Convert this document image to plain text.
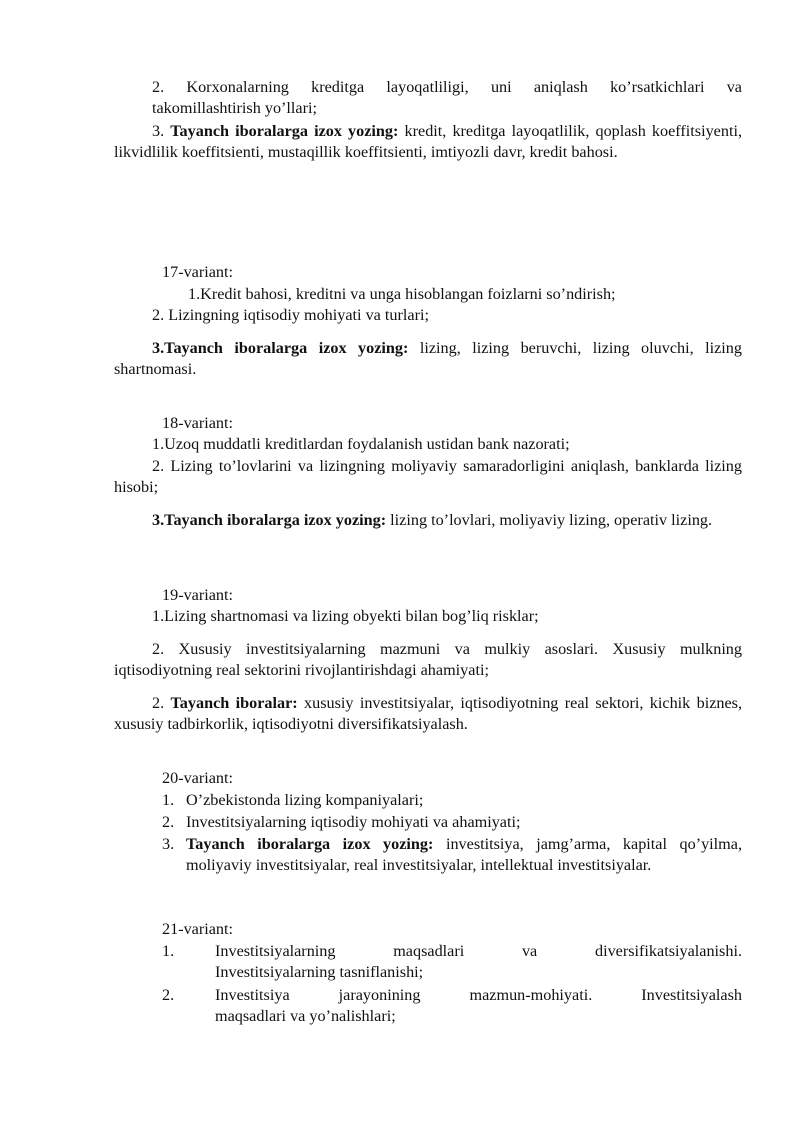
2. Korxonalarning kreditga layoqatliligi, uni aniqlash ko’rsatkichlari va
takomillashtirish yo’llari;
3. Tayanch iboralarga izox yozing: kredit, kreditga layoqatlilik, qoplash koeffitsiyenti, likvidlilik koeffitsienti, mustaqillik koeffitsienti, imtiyozli davr, kredit bahosi.
17-variant:
1.Kredit bahosi, kreditni va unga hisoblangan foizlarni so’ndirish;
2. Lizingning iqtisodiy mohiyati va turlari;
3.Tayanch iboralarga izox yozing: lizing, lizing beruvchi, lizing oluvchi, lizing shartnomasi.
18-variant:
1.Uzoq muddatli kreditlardan foydalanish ustidan bank nazorati;
2. Lizing to’lovlarini va lizingning moliyaviy samaradorligini aniqlash, banklarda lizing hisobi;
3.Tayanch iboralarga izox yozing: lizing to’lovlari, moliyaviy lizing, operativ lizing.
19-variant:
1.Lizing shartnomasi va lizing obyekti bilan bog’liq risklar;
2. Xususiy investitsiyalarning mazmuni va mulkiy asoslari. Xususiy mulkning iqtisodiyotning real sektorini rivojlantirishdagi ahamiyati;
2. Tayanch iboralar: xususiy investitsiyalar, iqtisodiyotning real sektori, kichik biznes, xususiy tadbirkorlik, iqtisodiyotni diversifikatsiyalash.
20-variant:
1. O’zbekistonda lizing kompaniyalari;
2. Investitsiyalarning iqtisodiy mohiyati va ahamiyati;
3. Tayanch iboralarga izox yozing: investitsiya, jamg’arma, kapital qo’yilma, moliyaviy investitsiyalar, real investitsiyalar, intellektual investitsiyalar.
21-variant:
1.	Investitsiyalarning maqsadlari va diversifikatsiyalanishi.
Investitsiyalarning tasniflanishi;
2.	Investitsiya jarayonining mazmun-mohiyati. Investitsiyalash
maqsadlari va yo’nalishlari;
